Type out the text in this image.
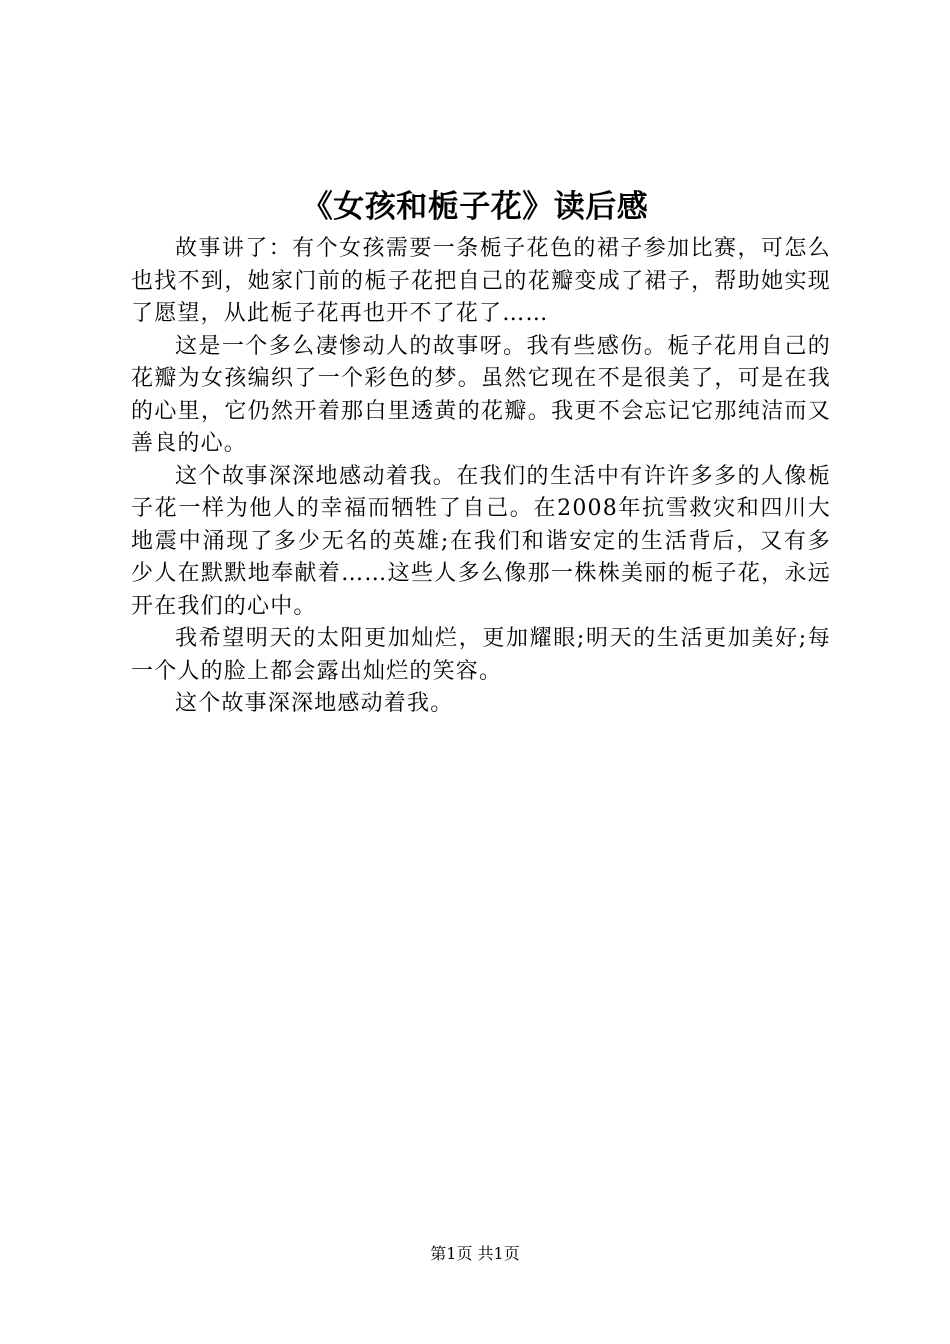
《女孩和栀子花》读后感

故事讲了：有个女孩需要一条栀子花色的裙子参加比赛，可怎么也找不到，她家门前的栀子花把自己的花瓣变成了裙子，帮助她实现了愿望，从此栀子花再也开不了花了……

这是一个多么凄惨动人的故事呀。我有些感伤。栀子花用自己的花瓣为女孩编织了一个彩色的梦。虽然它现在不是很美了，可是在我的心里，它仍然开着那白里透黄的花瓣。我更不会忘记它那纯洁而又善良的心。

这个故事深深地感动着我。在我们的生活中有许许多多的人像栀子花一样为他人的幸福而牺牲了自己。在2008年抗雪救灾和四川大地震中涌现了多少无名的英雄;在我们和谐安定的生活背后，又有多少人在默默地奉献着……这些人多么像那一株株美丽的栀子花，永远开在我们的心中。

我希望明天的太阳更加灿烂，更加耀眼;明天的生活更加美好;每一个人的脸上都会露出灿烂的笑容。

这个故事深深地感动着我。

第1页 共1页
